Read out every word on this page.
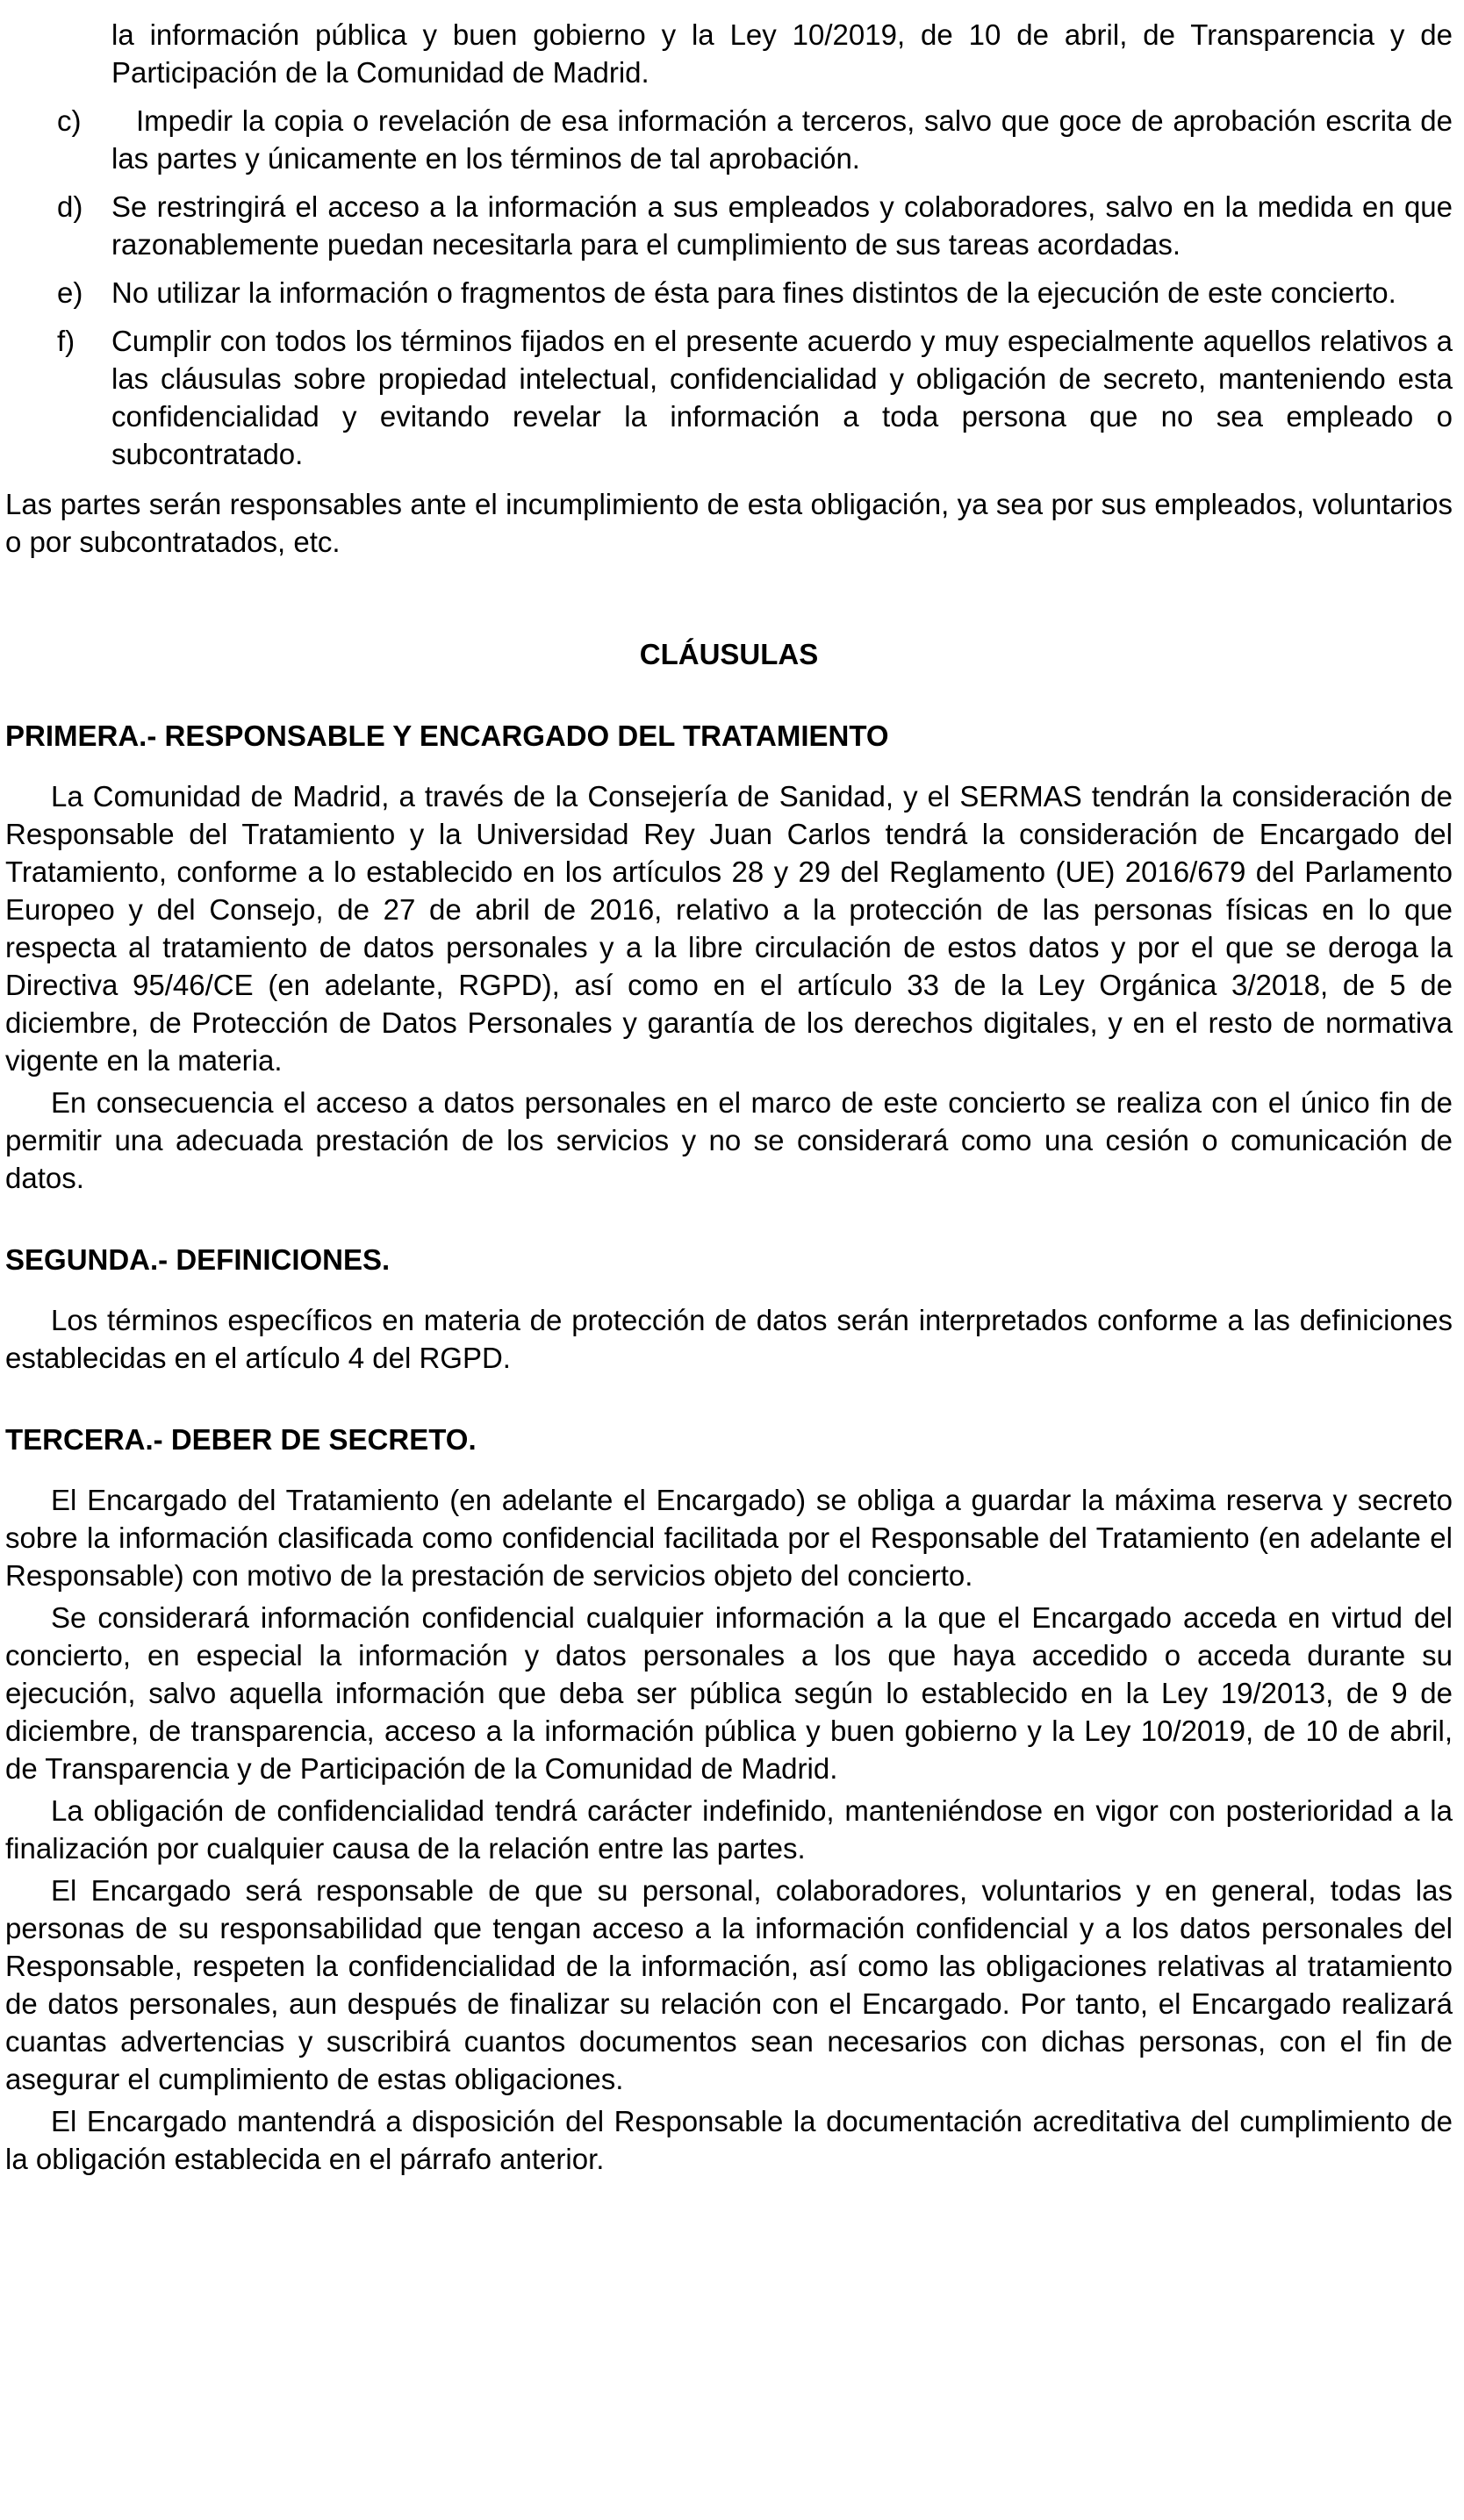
la información pública y buen gobierno y la Ley 10/2019, de 10 de abril, de Transparencia y de Participación de la Comunidad de Madrid.
c)	Impedir la copia o revelación de esa información a terceros, salvo que goce de aprobación escrita de las partes y únicamente en los términos de tal aprobación.
d) Se restringirá el acceso a la información a sus empleados y colaboradores, salvo en la medida en que razonablemente puedan necesitarla para el cumplimiento de sus tareas acordadas.
e) No utilizar la información o fragmentos de ésta para fines distintos de la ejecución de este concierto.
f) Cumplir con todos los términos fijados en el presente acuerdo y muy especialmente aquellos relativos a las cláusulas sobre propiedad intelectual, confidencialidad y obligación de secreto, manteniendo esta confidencialidad y evitando revelar la información a toda persona que no sea empleado o subcontratado.

Las partes serán responsables ante el incumplimiento de esta obligación, ya sea por sus empleados, voluntarios o por subcontratados, etc.

CLÁUSULAS

PRIMERA.- RESPONSABLE Y ENCARGADO DEL TRATAMIENTO

La Comunidad de Madrid, a través de la Consejería de Sanidad, y el SERMAS tendrán la consideración de Responsable del Tratamiento y la Universidad Rey Juan Carlos tendrá la consideración de Encargado del Tratamiento, conforme a lo establecido en los artículos 28 y 29 del Reglamento (UE) 2016/679 del Parlamento Europeo y del Consejo, de 27 de abril de 2016, relativo a la protección de las personas físicas en lo que respecta al tratamiento de datos personales y a la libre circulación de estos datos y por el que se deroga la Directiva 95/46/CE (en adelante, RGPD), así como en el artículo 33 de la Ley Orgánica 3/2018, de 5 de diciembre, de Protección de Datos Personales y garantía de los derechos digitales, y en el resto de normativa vigente en la materia.

En consecuencia el acceso a datos personales en el marco de este concierto se realiza con el único fin de permitir una adecuada prestación de los servicios y no se considerará como una cesión o comunicación de datos.

SEGUNDA.- DEFINICIONES.

Los términos específicos en materia de protección de datos serán interpretados conforme a las definiciones establecidas en el artículo 4 del RGPD.

TERCERA.- DEBER DE SECRETO.

El Encargado del Tratamiento (en adelante el Encargado) se obliga a guardar la máxima reserva y secreto sobre la información clasificada como confidencial facilitada por el Responsable del Tratamiento (en adelante el Responsable) con motivo de la prestación de servicios objeto del concierto.

Se considerará información confidencial cualquier información a la que el Encargado acceda en virtud del concierto, en especial la información y datos personales a los que haya accedido o acceda durante su ejecución, salvo aquella información que deba ser pública según lo establecido en la Ley 19/2013, de 9 de diciembre, de transparencia, acceso a la información pública y buen gobierno y la Ley 10/2019, de 10 de abril, de Transparencia y de Participación de la Comunidad de Madrid.

La obligación de confidencialidad tendrá carácter indefinido, manteniéndose en vigor con posterioridad a la finalización por cualquier causa de la relación entre las partes.

El Encargado será responsable de que su personal, colaboradores, voluntarios y en general, todas las personas de su responsabilidad que tengan acceso a la información confidencial y a los datos personales del Responsable, respeten la confidencialidad de la información, así como las obligaciones relativas al tratamiento de datos personales, aun después de finalizar su relación con el Encargado. Por tanto, el Encargado realizará cuantas advertencias y suscribirá cuantos documentos sean necesarios con dichas personas, con el fin de asegurar el cumplimiento de estas obligaciones.

El Encargado mantendrá a disposición del Responsable la documentación acreditativa del cumplimiento de la obligación establecida en el párrafo anterior.
